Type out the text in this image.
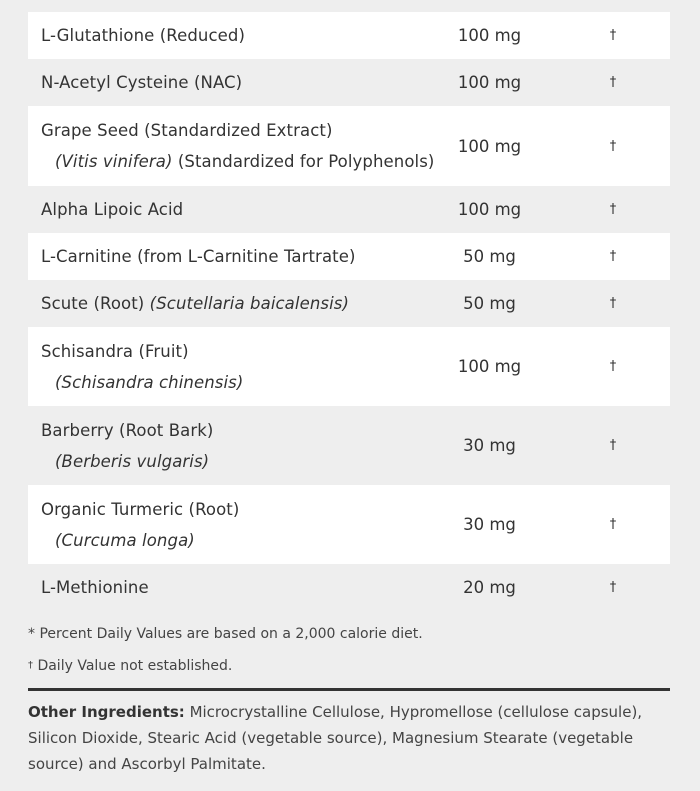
L-Glutathione (Reduced)	100 mg	†
N-Acetyl Cysteine (NAC)	100 mg	†
Grape Seed (Standardized Extract)
(Vitis vinifera) (Standardized for Polyphenols)
100 mg	†
Alpha Lipoic Acid	100 mg	†
L-Carnitine (from L-Carnitine Tartrate)	50 mg	†
Scute (Root) (Scutellaria baicalensis)	50 mg	†
Schisandra (Fruit)
(Schisandra chinensis)
100 mg	†
Barberry (Root Bark)
(Berberis vulgaris)
30 mg	†
Organic Turmeric (Root)
(Curcuma longa)
30 mg	†
L-Methionine	20 mg	†
* Percent Daily Values are based on a 2,000 calorie diet.
† Daily Value not established.
Other Ingredients: Microcrystalline Cellulose, Hypromellose (cellulose capsule), Silicon Dioxide, Stearic Acid (vegetable source), Magnesium Stearate (vegetable source) and Ascorbyl Palmitate.
